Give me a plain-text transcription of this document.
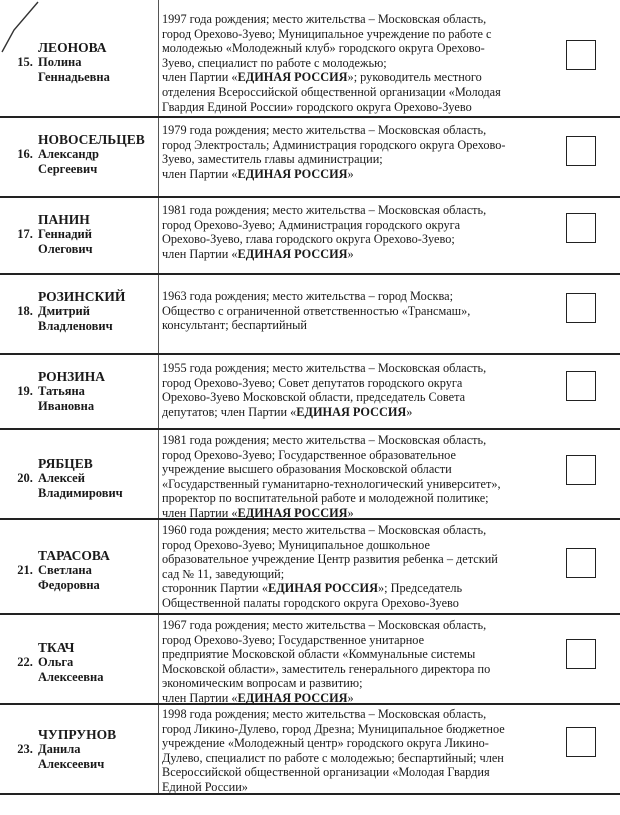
15.
ЛЕОНОВА
Полина
Геннадьевна
1997 года рождения; место жительства – Московская область,
город Орехово-Зуево; Муниципальное учреждение по работе с
молодежью «Молодежный клуб» городского округа Орехово-
Зуево, специалист по работе с молодежью;
член Партии «ЕДИНАЯ РОССИЯ»; руководитель местного
отделения Всероссийской общественной организации «Молодая
Гвардия Единой России» городского округа Орехово-Зуево
16.
НОВОСЕЛЬЦЕВ
Александр
Сергеевич
1979 года рождения; место жительства – Московская область,
город Электросталь; Администрация городского округа Орехово-
Зуево, заместитель главы администрации;
член Партии «ЕДИНАЯ РОССИЯ»
17.
ПАНИН
Геннадий
Олегович
1981 года рождения; место жительства – Московская область,
город Орехово-Зуево; Администрация городского округа
Орехово-Зуево, глава городского округа Орехово-Зуево;
член Партии «ЕДИНАЯ РОССИЯ»
18.
РОЗИНСКИЙ
Дмитрий
Владленович
1963 года рождения; место жительства – город Москва;
Общество с ограниченной ответственностью «Трансмаш»,
консультант; беспартийный
19.
РОНЗИНА
Татьяна
Ивановна
1955 года рождения; место жительства – Московская область,
город Орехово-Зуево; Совет депутатов городского округа
Орехово-Зуево Московской области, председатель Совета
депутатов; член Партии «ЕДИНАЯ РОССИЯ»
20.
РЯБЦЕВ
Алексей
Владимирович
1981 года рождения; место жительства – Московская область,
город Орехово-Зуево; Государственное образовательное
учреждение высшего образования Московской области
«Государственный гуманитарно-технологический университет»,
проректор по воспитательной работе и молодежной политике;
член Партии «ЕДИНАЯ РОССИЯ»
21.
ТАРАСОВА
Светлана
Федоровна
1960 года рождения; место жительства – Московская область,
город Орехово-Зуево; Муниципальное дошкольное
образовательное учреждение Центр развития ребенка – детский
сад № 11, заведующий;
сторонник Партии «ЕДИНАЯ РОССИЯ»; Председатель
Общественной палаты городского округа Орехово-Зуево
22.
ТКАЧ
Ольга
Алексеевна
1967 года рождения; место жительства – Московская область,
город Орехово-Зуево; Государственное унитарное
предприятие Московской области «Коммунальные системы
Московской области», заместитель генерального директора по
экономическим вопросам и развитию;
член Партии «ЕДИНАЯ РОССИЯ»
23.
ЧУПРУНОВ
Данила
Алексеевич
1998 года рождения; место жительства – Московская область,
город Ликино-Дулево, город Дрезна; Муниципальное бюджетное
учреждение «Молодежный центр» городского округа Ликино-
Дулево, специалист по работе с молодежью; беспартийный; член
Всероссийской общественной организации «Молодая Гвардия
Единой России»
